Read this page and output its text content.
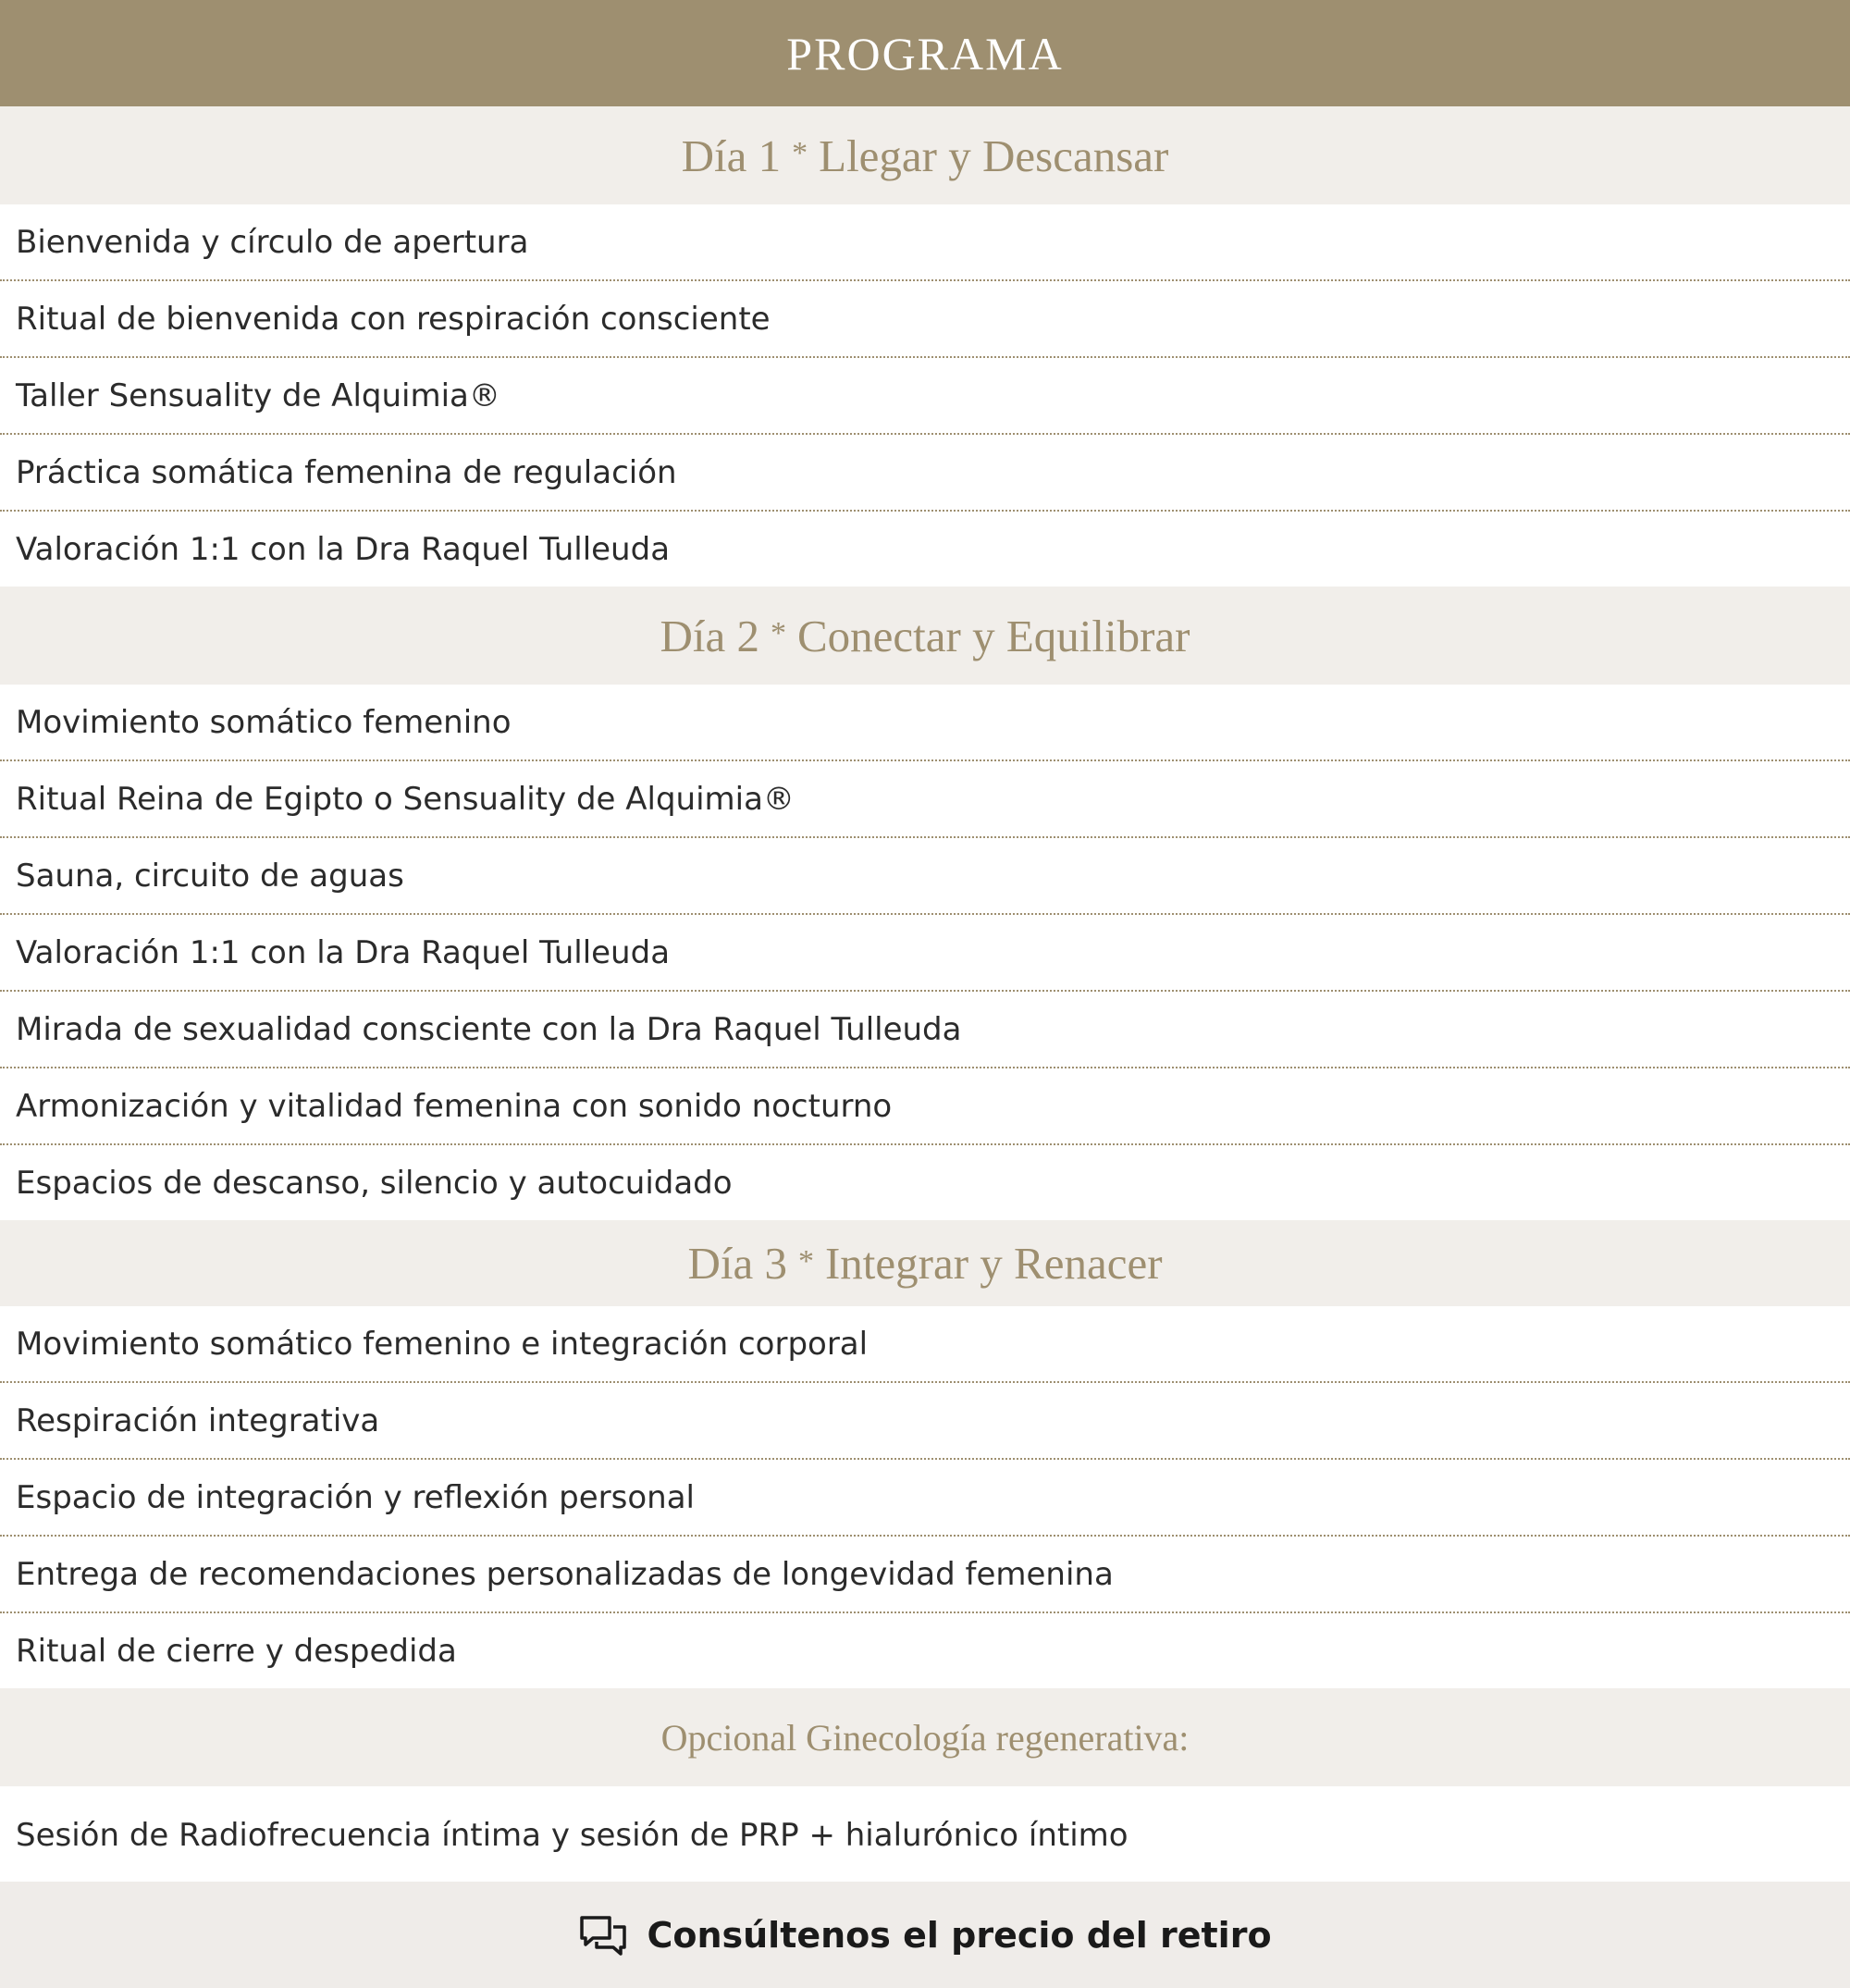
PROGRAMA
Día 1 * Llegar y Descansar
Bienvenida y círculo de apertura
Ritual de bienvenida con respiración consciente
Taller Sensuality de Alquimia®
Práctica somática femenina de regulación
Valoración 1:1 con la Dra Raquel Tulleuda
Día 2 * Conectar y Equilibrar
Movimiento somático femenino
Ritual Reina de Egipto o Sensuality de Alquimia®
Sauna, circuito de aguas
Valoración 1:1 con la Dra Raquel Tulleuda
Mirada de sexualidad consciente con la Dra Raquel Tulleuda
Armonización y vitalidad femenina con sonido nocturno
Espacios de descanso, silencio y autocuidado
Día 3 * Integrar y Renacer
Movimiento somático femenino e integración corporal
Respiración integrativa
Espacio de integración y reflexión personal
Entrega de recomendaciones personalizadas de longevidad femenina
Ritual de cierre y despedida
Opcional Ginecología regenerativa:
Sesión de Radiofrecuencia íntima y sesión de PRP + hialurónico íntimo
Consúltenos el precio del retiro
